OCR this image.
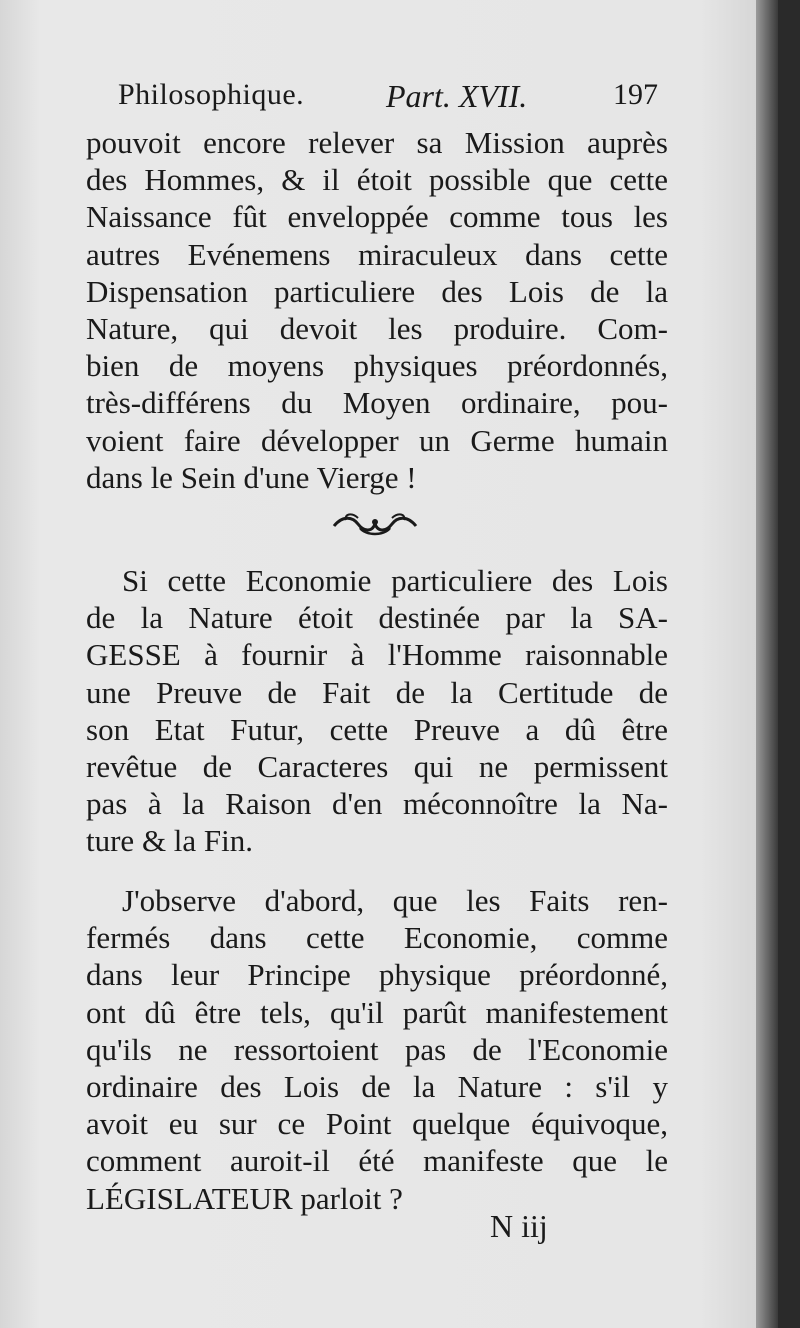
Philosophique.	Part. XVII.	197
pouvoit encore relever sa Mission auprès
des Hommes, & il étoit possible que cette
Naissance fût enveloppée comme tous les
autres Evénemens miraculeux dans cette
Dispensation particuliere des Lois de la
Nature, qui devoit les produire. Com-
bien de moyens physiques préordonnés,
très-différens du Moyen ordinaire, pou-
voient faire développer un Germe humain
dans le Sein d'une Vierge !
Si cette Economie particuliere des Lois
de la Nature étoit destinée par la SA-
GESSE à fournir à l'Homme raisonnable
une Preuve de Fait de la Certitude de
son Etat Futur, cette Preuve a dû être
revêtue de Caracteres qui ne permissent
pas à la Raison d'en méconnoître la Na-
ture & la Fin.
J'observe d'abord, que les Faits ren-
fermés dans cette Economie, comme
dans leur Principe physique préordonné,
ont dû être tels, qu'il parût manifestement
qu'ils ne ressortoient pas de l'Economie
ordinaire des Lois de la Nature : s'il y
avoit eu sur ce Point quelque équivoque,
comment auroit-il été manifeste que le
LÉGISLATEUR parloit ?
N iij
